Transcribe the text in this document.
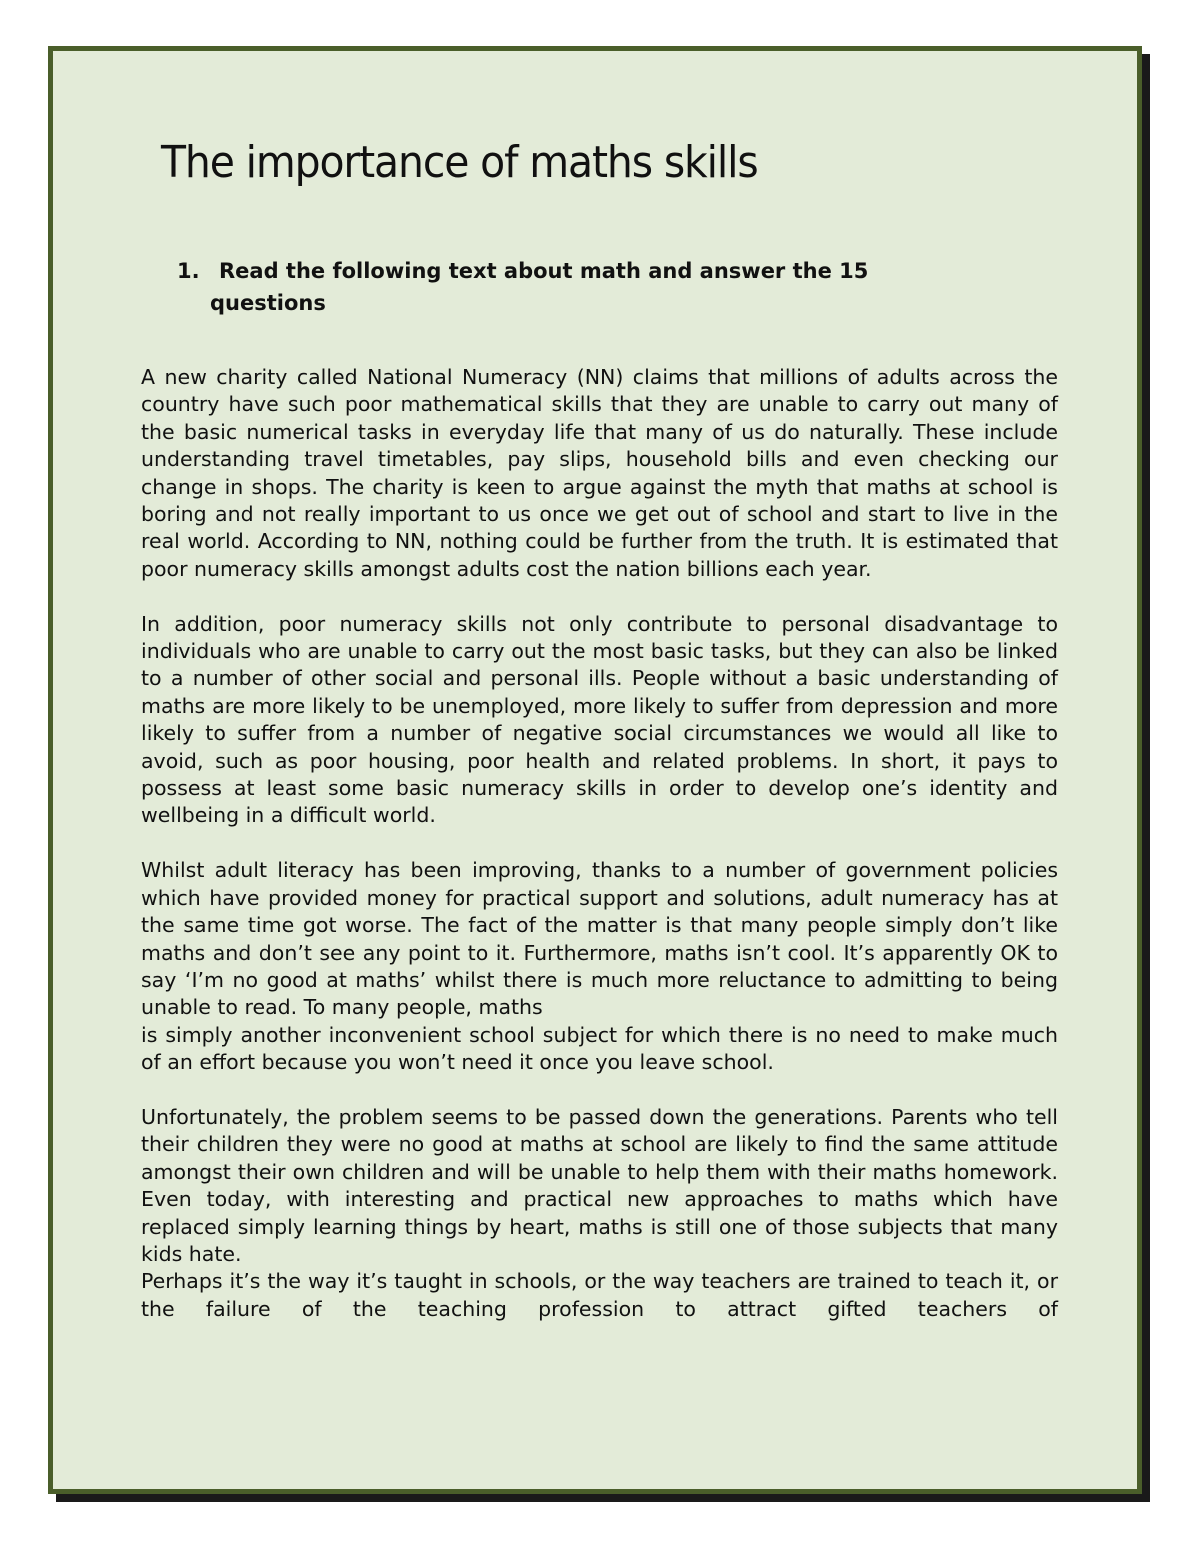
The importance of maths skills
1. Read the following text about math and answer the 15
questions

A new charity called National Numeracy (NN) claims that millions of adults across the country have such poor mathematical skills that they are unable to carry out many of the basic numerical tasks in everyday life that many of us do naturally. These include understanding travel timetables, pay slips, household bills and even checking our change in shops. The charity is keen to argue against the myth that maths at school is boring and not really important to us once we get out of school and start to live in the real world. According to NN, nothing could be further from the truth. It is estimated that poor numeracy skills amongst adults cost the nation billions each year.

In addition, poor numeracy skills not only contribute to personal disadvantage to individuals who are unable to carry out the most basic tasks, but they can also be linked to a number of other social and personal ills. People without a basic understanding of maths are more likely to be unemployed, more likely to suffer from depression and more likely to suffer from a number of negative social circumstances we would all like to avoid, such as poor housing, poor health and related problems. In short, it pays to possess at least some basic numeracy skills in order to develop one’s identity and wellbeing in a difficult world.

Whilst adult literacy has been improving, thanks to a number of government policies which have provided money for practical support and solutions, adult numeracy has at the same time got worse. The fact of the matter is that many people simply don’t like maths and don’t see any point to it. Furthermore, maths isn’t cool. It’s apparently OK to say ‘I’m no good at maths’ whilst there is much more reluctance to admitting to being unable to read. To many people, maths
is simply another inconvenient school subject for which there is no need to make much of an effort because you won’t need it once you leave school.

Unfortunately, the problem seems to be passed down the generations. Parents who tell their children they were no good at maths at school are likely to find the same attitude amongst their own children and will be unable to help them with their maths homework. Even today, with interesting and practical new approaches to maths which have replaced simply learning things by heart, maths is still one of those subjects that many kids hate.

Perhaps it’s the way it’s taught in schools, or the way teachers are trained to teach it, or the failure of the teaching profession to attract gifted teachers of
